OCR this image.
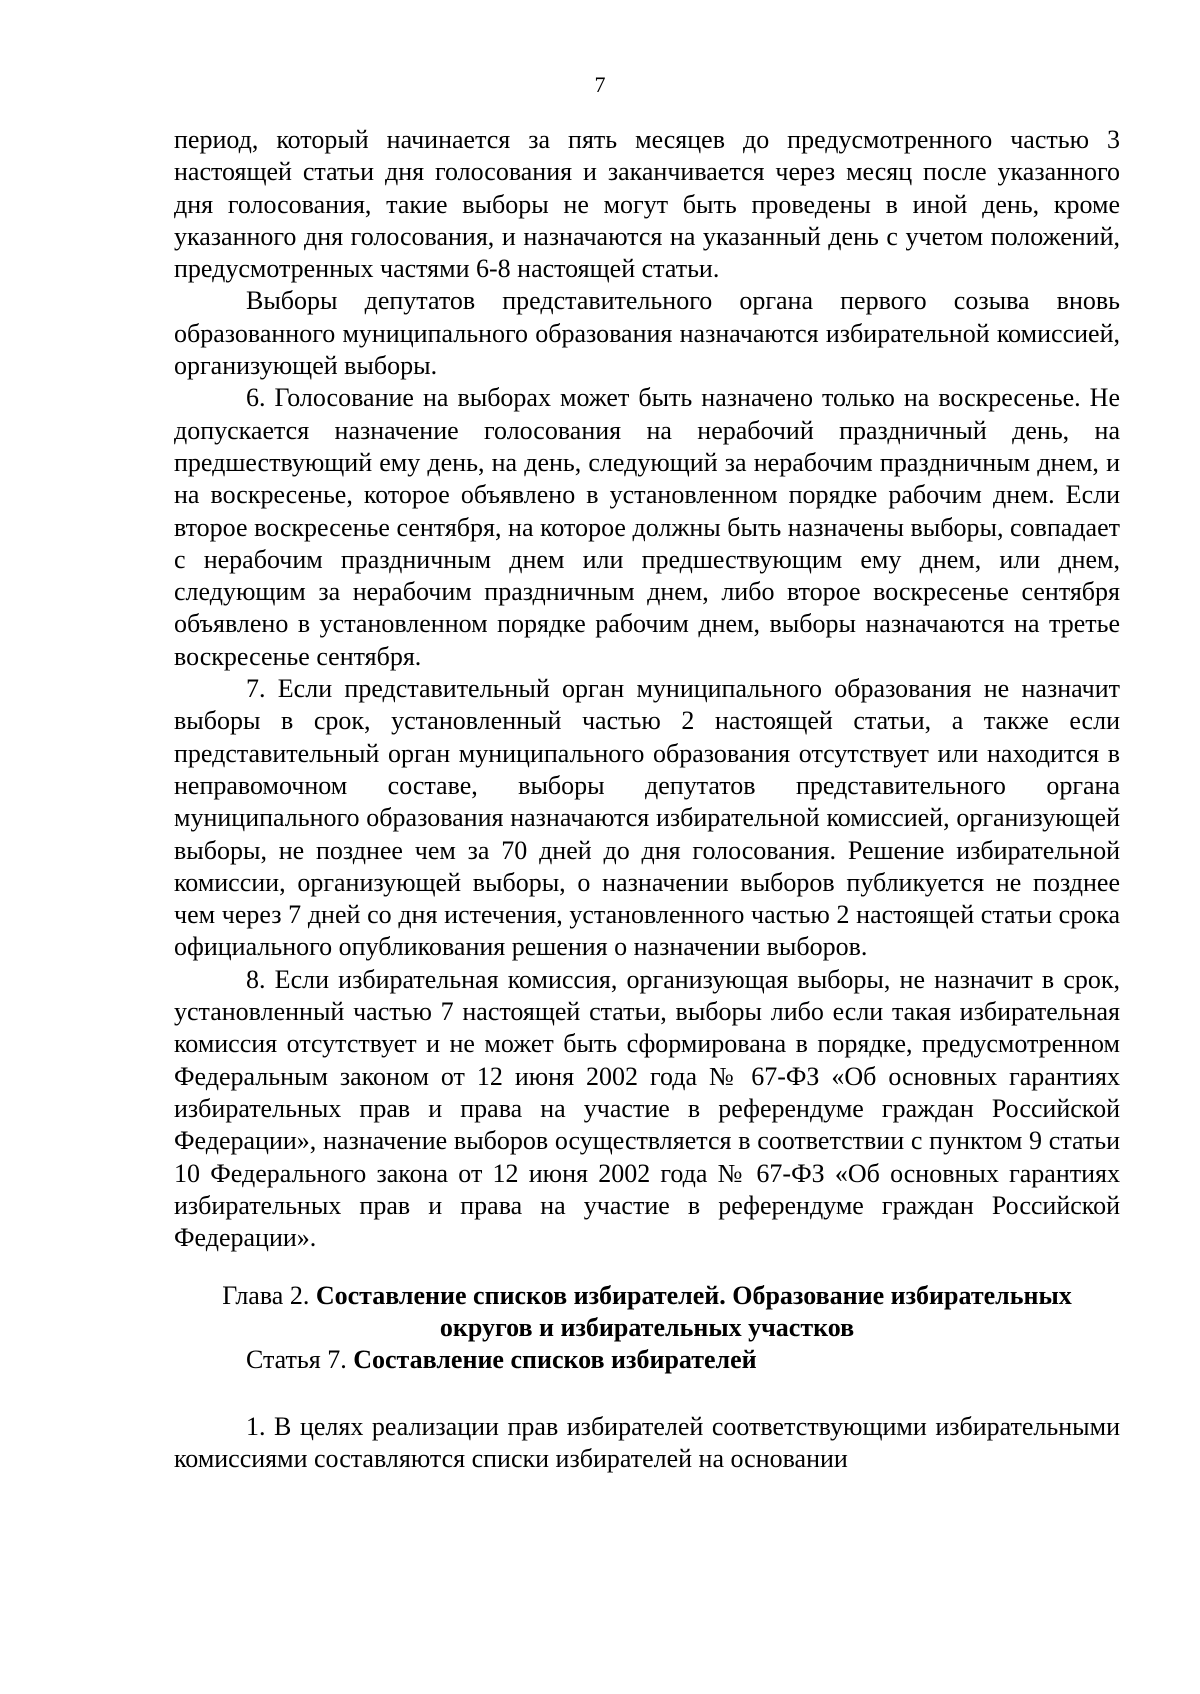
7

период, который начинается за пять месяцев до предусмотренного частью 3 настоящей статьи дня голосования и заканчивается через месяц после указанного дня голосования, такие выборы не могут быть проведены в иной день, кроме указанного дня голосования, и назначаются на указанный день с учетом положений, предусмотренных частями 6-8 настоящей статьи.

Выборы депутатов представительного органа первого созыва вновь образованного муниципального образования назначаются избирательной комиссией, организующей выборы.

6. Голосование на выборах может быть назначено только на воскресенье. Не допускается назначение голосования на нерабочий праздничный день, на предшествующий ему день, на день, следующий за нерабочим праздничным днем, и на воскресенье, которое объявлено в установленном порядке рабочим днем. Если второе воскресенье сентября, на которое должны быть назначены выборы, совпадает с нерабочим праздничным днем или предшествующим ему днем, или днем, следующим за нерабочим праздничным днем, либо второе воскресенье сентября объявлено в установленном порядке рабочим днем, выборы назначаются на третье воскресенье сентября.

7. Если представительный орган муниципального образования не назначит выборы в срок, установленный частью 2 настоящей статьи, а также если представительный орган муниципального образования отсутствует или находится в неправомочном составе, выборы депутатов представительного органа муниципального образования назначаются избирательной комиссией, организующей выборы, не позднее чем за 70 дней до дня голосования. Решение избирательной комиссии, организующей выборы, о назначении выборов публикуется не позднее чем через 7 дней со дня истечения, установленного частью 2 настоящей статьи срока официального опубликования решения о назначении выборов.

8. Если избирательная комиссия, организующая выборы, не назначит в срок, установленный частью 7 настоящей статьи, выборы либо если такая избирательная комиссия отсутствует и не может быть сформирована в порядке, предусмотренном Федеральным законом от 12 июня 2002 года № 67-ФЗ «Об основных гарантиях избирательных прав и права на участие в референдуме граждан Российской Федерации», назначение выборов осуществляется в соответствии с пунктом 9 статьи 10 Федерального закона от 12 июня 2002 года № 67-ФЗ «Об основных гарантиях избирательных прав и права на участие в референдуме граждан Российской Федерации».

Глава 2. Составление списков избирателей. Образование избирательных округов и избирательных участков

Статья 7. Составление списков избирателей

1. В целях реализации прав избирателей соответствующими избирательными комиссиями составляются списки избирателей на основании
